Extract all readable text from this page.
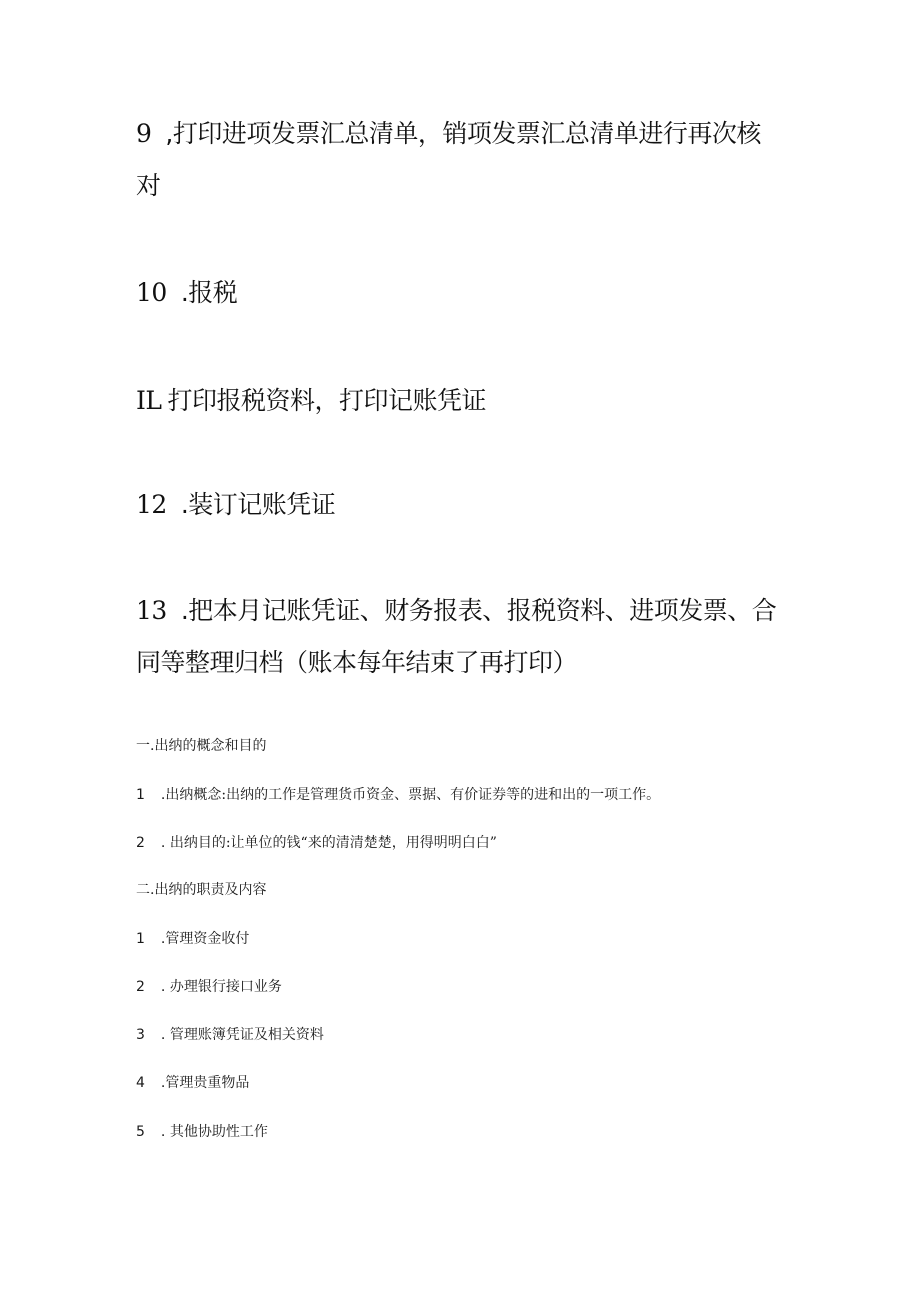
9 ,打印进项发票汇总清单，销项发票汇总清单进行再次核
对
10 .报税
IL 打印报税资料，打印记账凭证
12 .装订记账凭证
13 .把本月记账凭证、财务报表、报税资料、进项发票、合
同等整理归档（账本每年结束了再打印）
一.出纳的概念和目的
1 .出纳概念:出纳的工作是管理货币资金、票据、有价证券等的进和出的一项工作。
2 . 出纳目的:让单位的钱“来的清清楚楚，用得明明白白”
二.出纳的职责及内容
1 .管理资金收付
2 . 办理银行接口业务
3 . 管理账簿凭证及相关资料
4 .管理贵重物品
5 . 其他协助性工作
